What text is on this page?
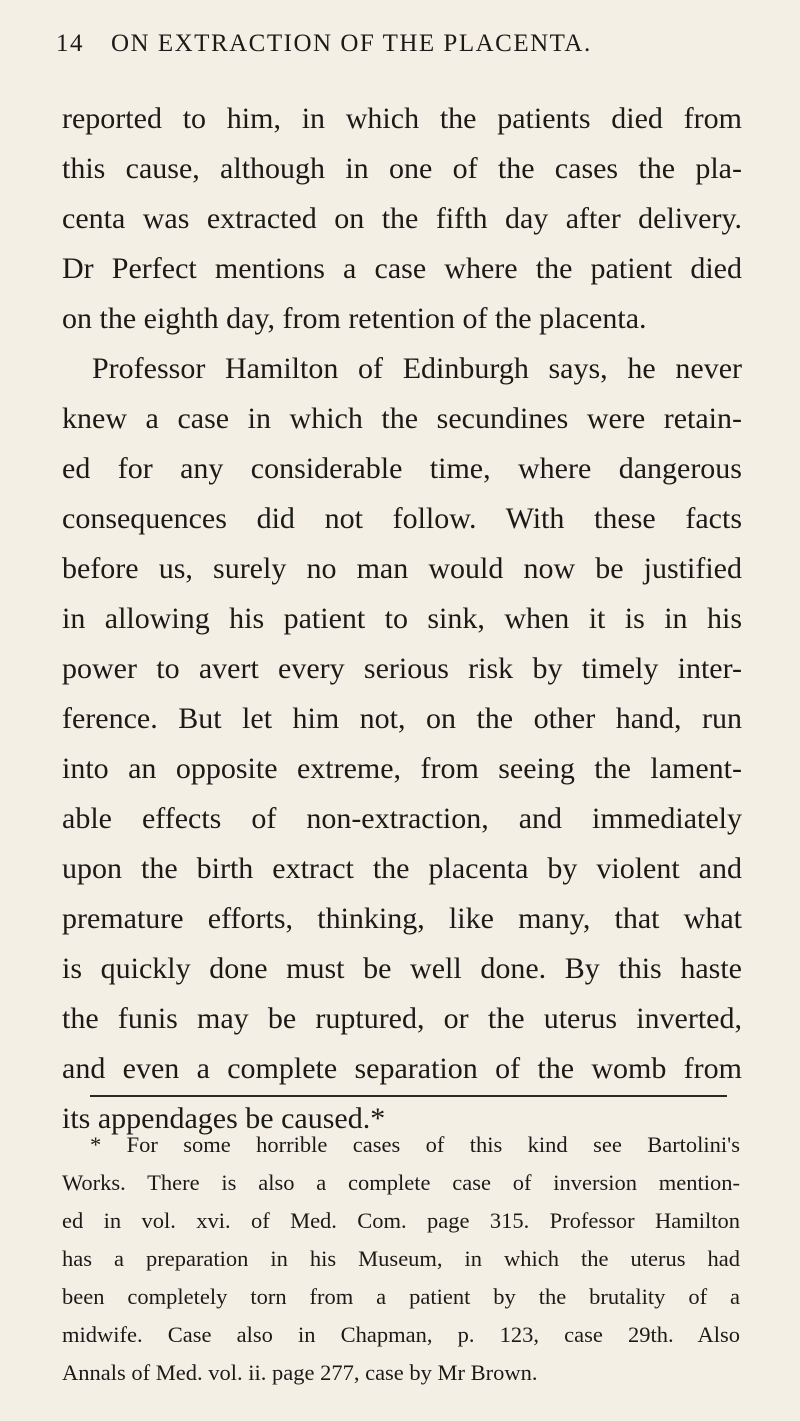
14 ON EXTRACTION OF THE PLACENTA.
reported to him, in which the patients died from
this cause, although in one of the cases the pla-
centa was extracted on the fifth day after delivery.
Dr Perfect mentions a case where the patient died
on the eighth day, from retention of the placenta.
Professor Hamilton of Edinburgh says, he never
knew a case in which the secundines were retain-
ed for any considerable time, where dangerous
consequences did not follow. With these facts
before us, surely no man would now be justified
in allowing his patient to sink, when it is in his
power to avert every serious risk by timely inter-
ference. But let him not, on the other hand, run
into an opposite extreme, from seeing the lament-
able effects of non-extraction, and immediately
upon the birth extract the placenta by violent and
premature efforts, thinking, like many, that what
is quickly done must be well done. By this haste
the funis may be ruptured, or the uterus inverted,
and even a complete separation of the womb from
its appendages be caused.*
* For some horrible cases of this kind see Bartolini's
Works. There is also a complete case of inversion mention-
ed in vol. xvi. of Med. Com. page 315. Professor Hamilton
has a preparation in his Museum, in which the uterus had
been completely torn from a patient by the brutality of a
midwife. Case also in Chapman, p. 123, case 29th. Also
Annals of Med. vol. ii. page 277, case by Mr Brown.
